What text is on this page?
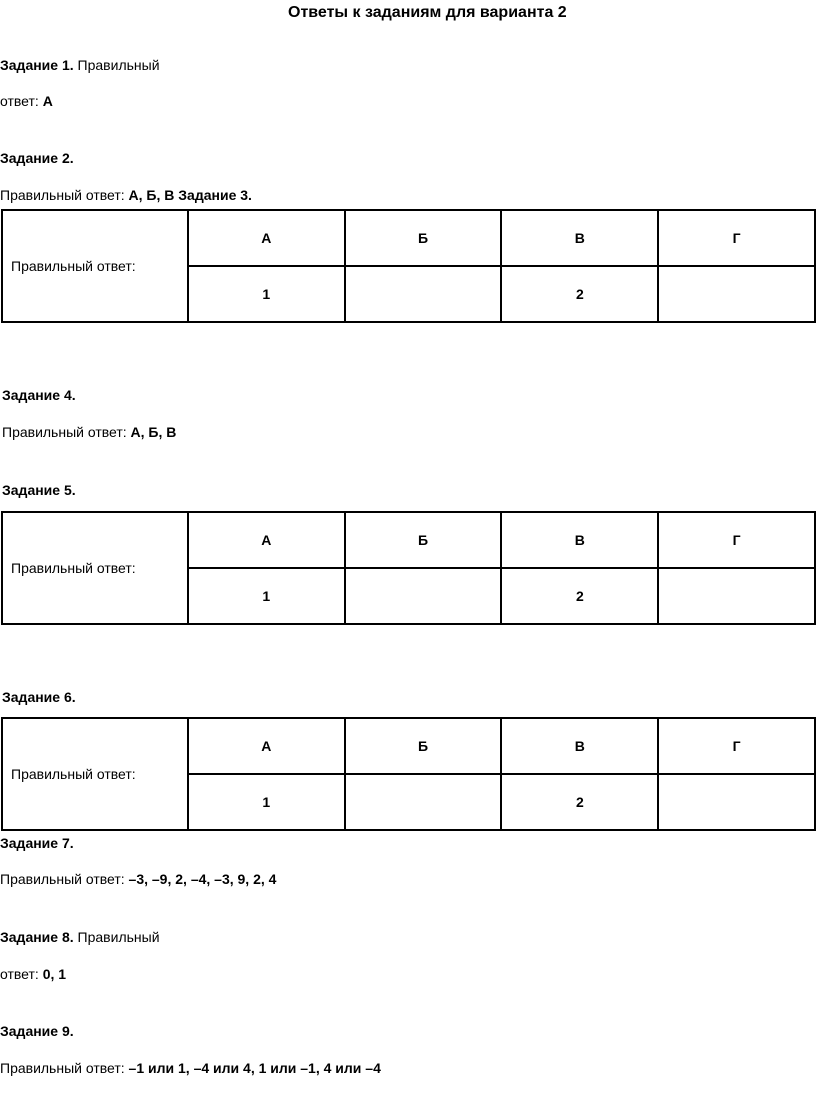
Ответы к заданиям для варианта 2
Задание 1. Правильный
ответ: А
Задание 2.
Правильный ответ: А, Б, В Задание 3.
Правильный ответ:	А	Б	В	Г
	1		2	
Задание 4.
Правильный ответ: А, Б, В
Задание 5.
Правильный ответ:	А	Б	В	Г
	1		2	
Задание 6.
Правильный ответ:	А	Б	В	Г
	1		2	
Задание 7.
Правильный ответ: –3, –9, 2, –4, –3, 9, 2, 4
Задание 8. Правильный
ответ: 0, 1
Задание 9.
Правильный ответ: –1 или 1, –4 или 4, 1 или –1, 4 или –4
